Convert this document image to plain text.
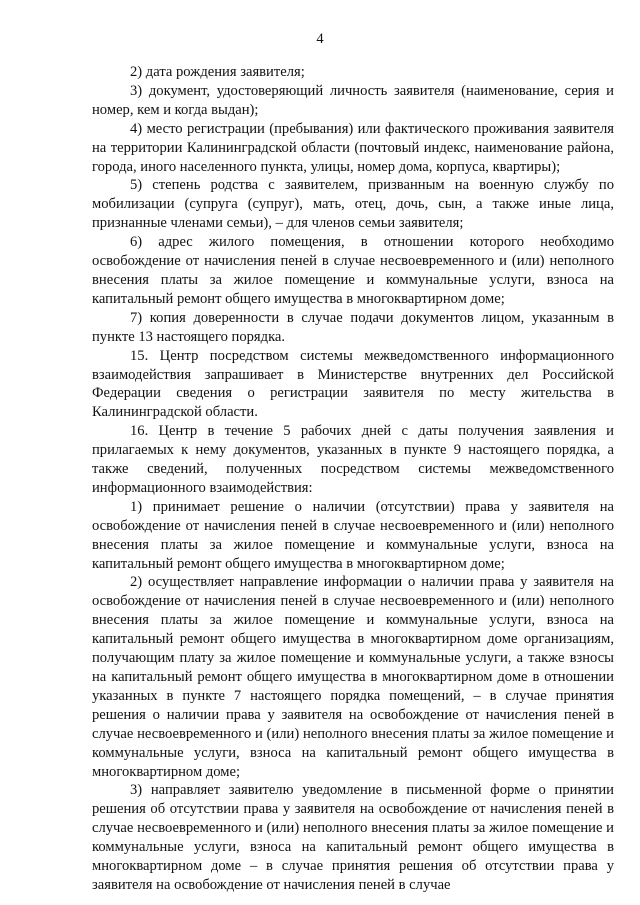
4

2) дата рождения заявителя;

3) документ, удостоверяющий личность заявителя (наименование, серия и номер, кем и когда выдан);

4) место регистрации (пребывания) или фактического проживания заявителя на территории Калининградской области (почтовый индекс, наименование района, города, иного населенного пункта, улицы, номер дома, корпуса, квартиры);

5) степень родства с заявителем, призванным на военную службу по мобилизации (супруга (супруг), мать, отец, дочь, сын, а также иные лица, признанные членами семьи), – для членов семьи заявителя;

6) адрес жилого помещения, в отношении которого необходимо освобождение от начисления пеней в случае несвоевременного и (или) неполного внесения платы за жилое помещение и коммунальные услуги, взноса на капитальный ремонт общего имущества в многоквартирном доме;

7) копия доверенности в случае подачи документов лицом, указанным в пункте 13 настоящего порядка.

15. Центр посредством системы межведомственного информационного взаимодействия запрашивает в Министерстве внутренних дел Российской Федерации сведения о регистрации заявителя по месту жительства в Калининградской области.

16. Центр в течение 5 рабочих дней с даты получения заявления и прилагаемых к нему документов, указанных в пункте 9 настоящего порядка, а также сведений, полученных посредством системы межведомственного информационного взаимодействия:

1) принимает решение о наличии (отсутствии) права у заявителя на освобождение от начисления пеней в случае несвоевременного и (или) неполного внесения платы за жилое помещение и коммунальные услуги, взноса на капитальный ремонт общего имущества в многоквартирном доме;

2) осуществляет направление информации о наличии права у заявителя на освобождение от начисления пеней в случае несвоевременного и (или) неполного внесения платы за жилое помещение и коммунальные услуги, взноса на капитальный ремонт общего имущества в многоквартирном доме организациям, получающим плату за жилое помещение и коммунальные услуги, а также взносы на капитальный ремонт общего имущества в многоквартирном доме в отношении указанных в пункте 7 настоящего порядка помещений, – в случае принятия решения о наличии права у заявителя на освобождение от начисления пеней в случае несвоевременного и (или) неполного внесения платы за жилое помещение и коммунальные услуги, взноса на капитальный ремонт общего имущества в многоквартирном доме;

3) направляет заявителю уведомление в письменной форме о принятии решения об отсутствии права у заявителя на освобождение от начисления пеней в случае несвоевременного и (или) неполного внесения платы за жилое помещение и коммунальные услуги, взноса на капитальный ремонт общего имущества в многоквартирном доме – в случае принятия решения об отсутствии права у заявителя на освобождение от начисления пеней в случае
